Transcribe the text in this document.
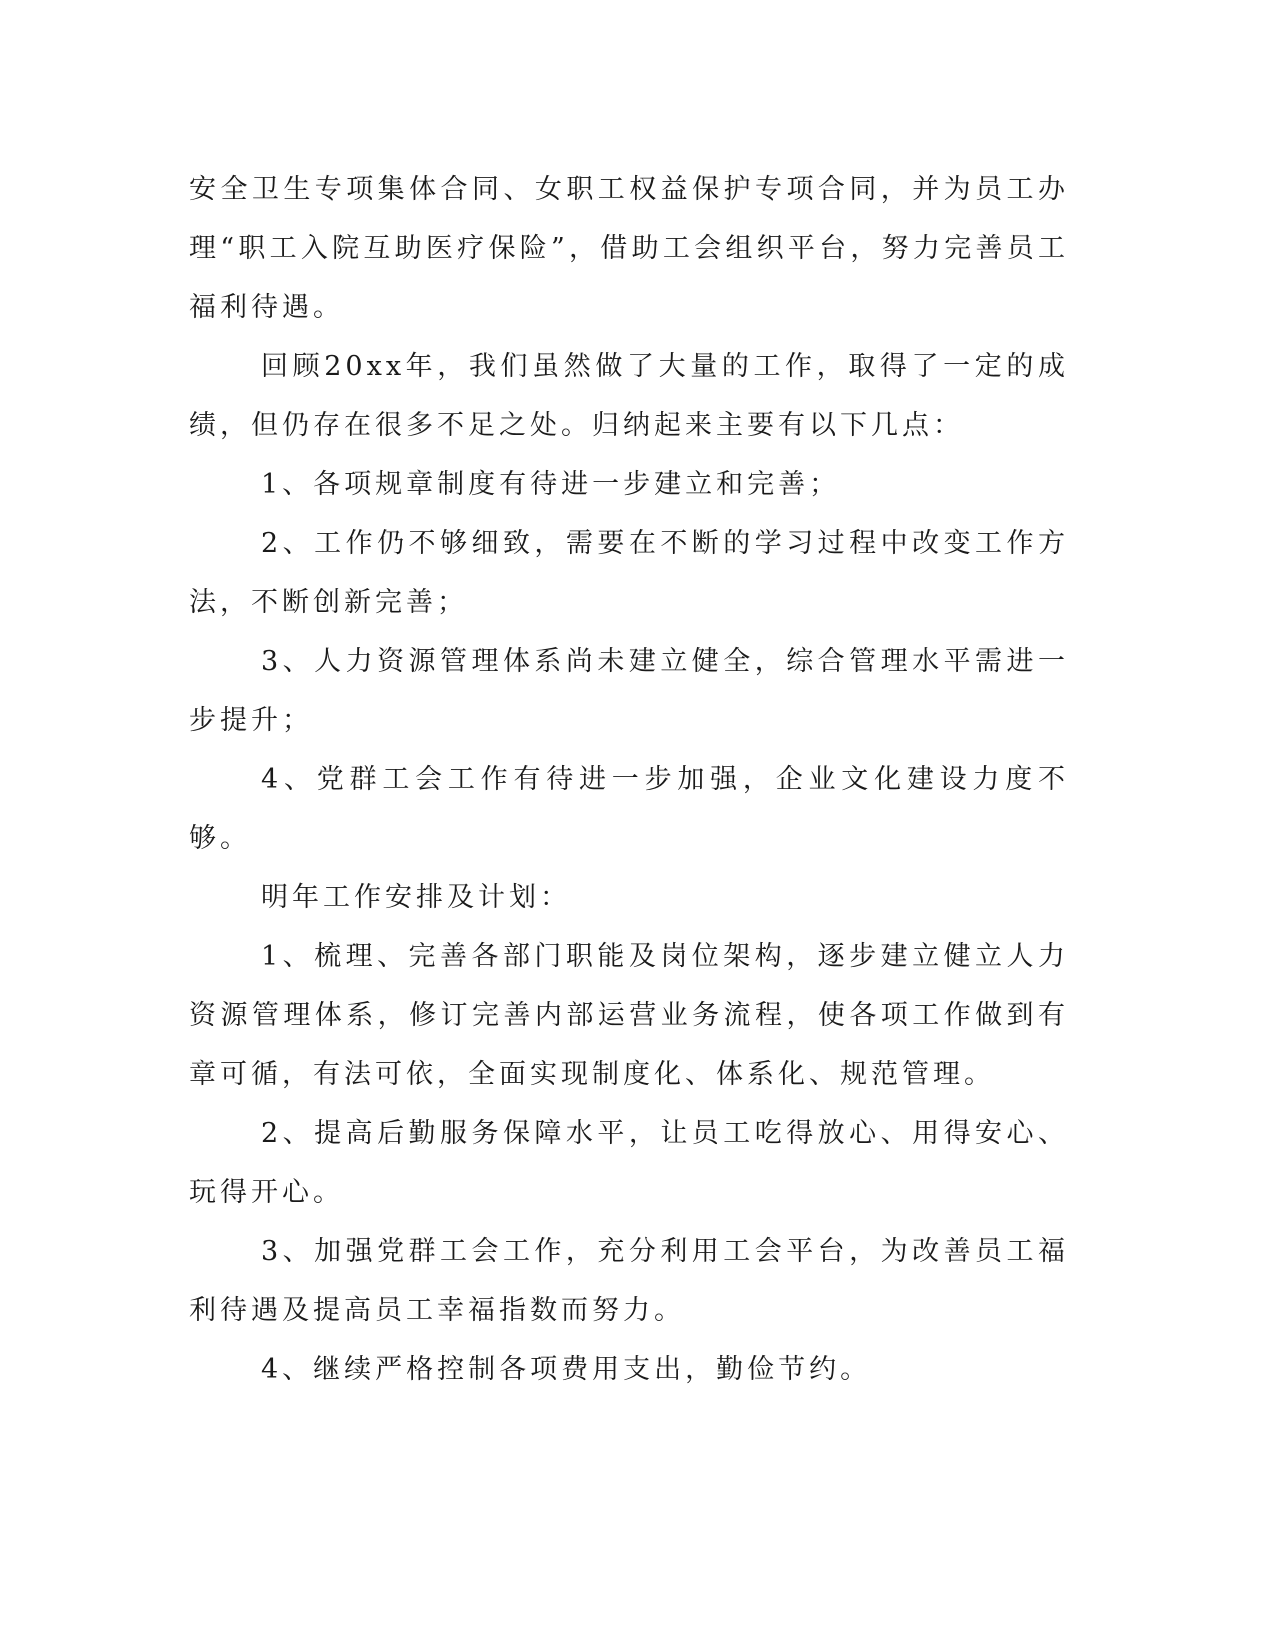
安全卫生专项集体合同、女职工权益保护专项合同，并为员工办理“职工入院互助医疗保险”，借助工会组织平台，努力完善员工福利待遇。

回顾20xx年，我们虽然做了大量的工作，取得了一定的成绩，但仍存在很多不足之处。归纳起来主要有以下几点：

1、各项规章制度有待进一步建立和完善；

2、工作仍不够细致，需要在不断的学习过程中改变工作方法，不断创新完善；

3、人力资源管理体系尚未建立健全，综合管理水平需进一步提升；

4、党群工会工作有待进一步加强，企业文化建设力度不够。

明年工作安排及计划：

1、梳理、完善各部门职能及岗位架构，逐步建立健立人力资源管理体系，修订完善内部运营业务流程，使各项工作做到有章可循，有法可依，全面实现制度化、体系化、规范管理。

2、提高后勤服务保障水平，让员工吃得放心、用得安心、玩得开心。

3、加强党群工会工作，充分利用工会平台，为改善员工福利待遇及提高员工幸福指数而努力。

4、继续严格控制各项费用支出，勤俭节约。
